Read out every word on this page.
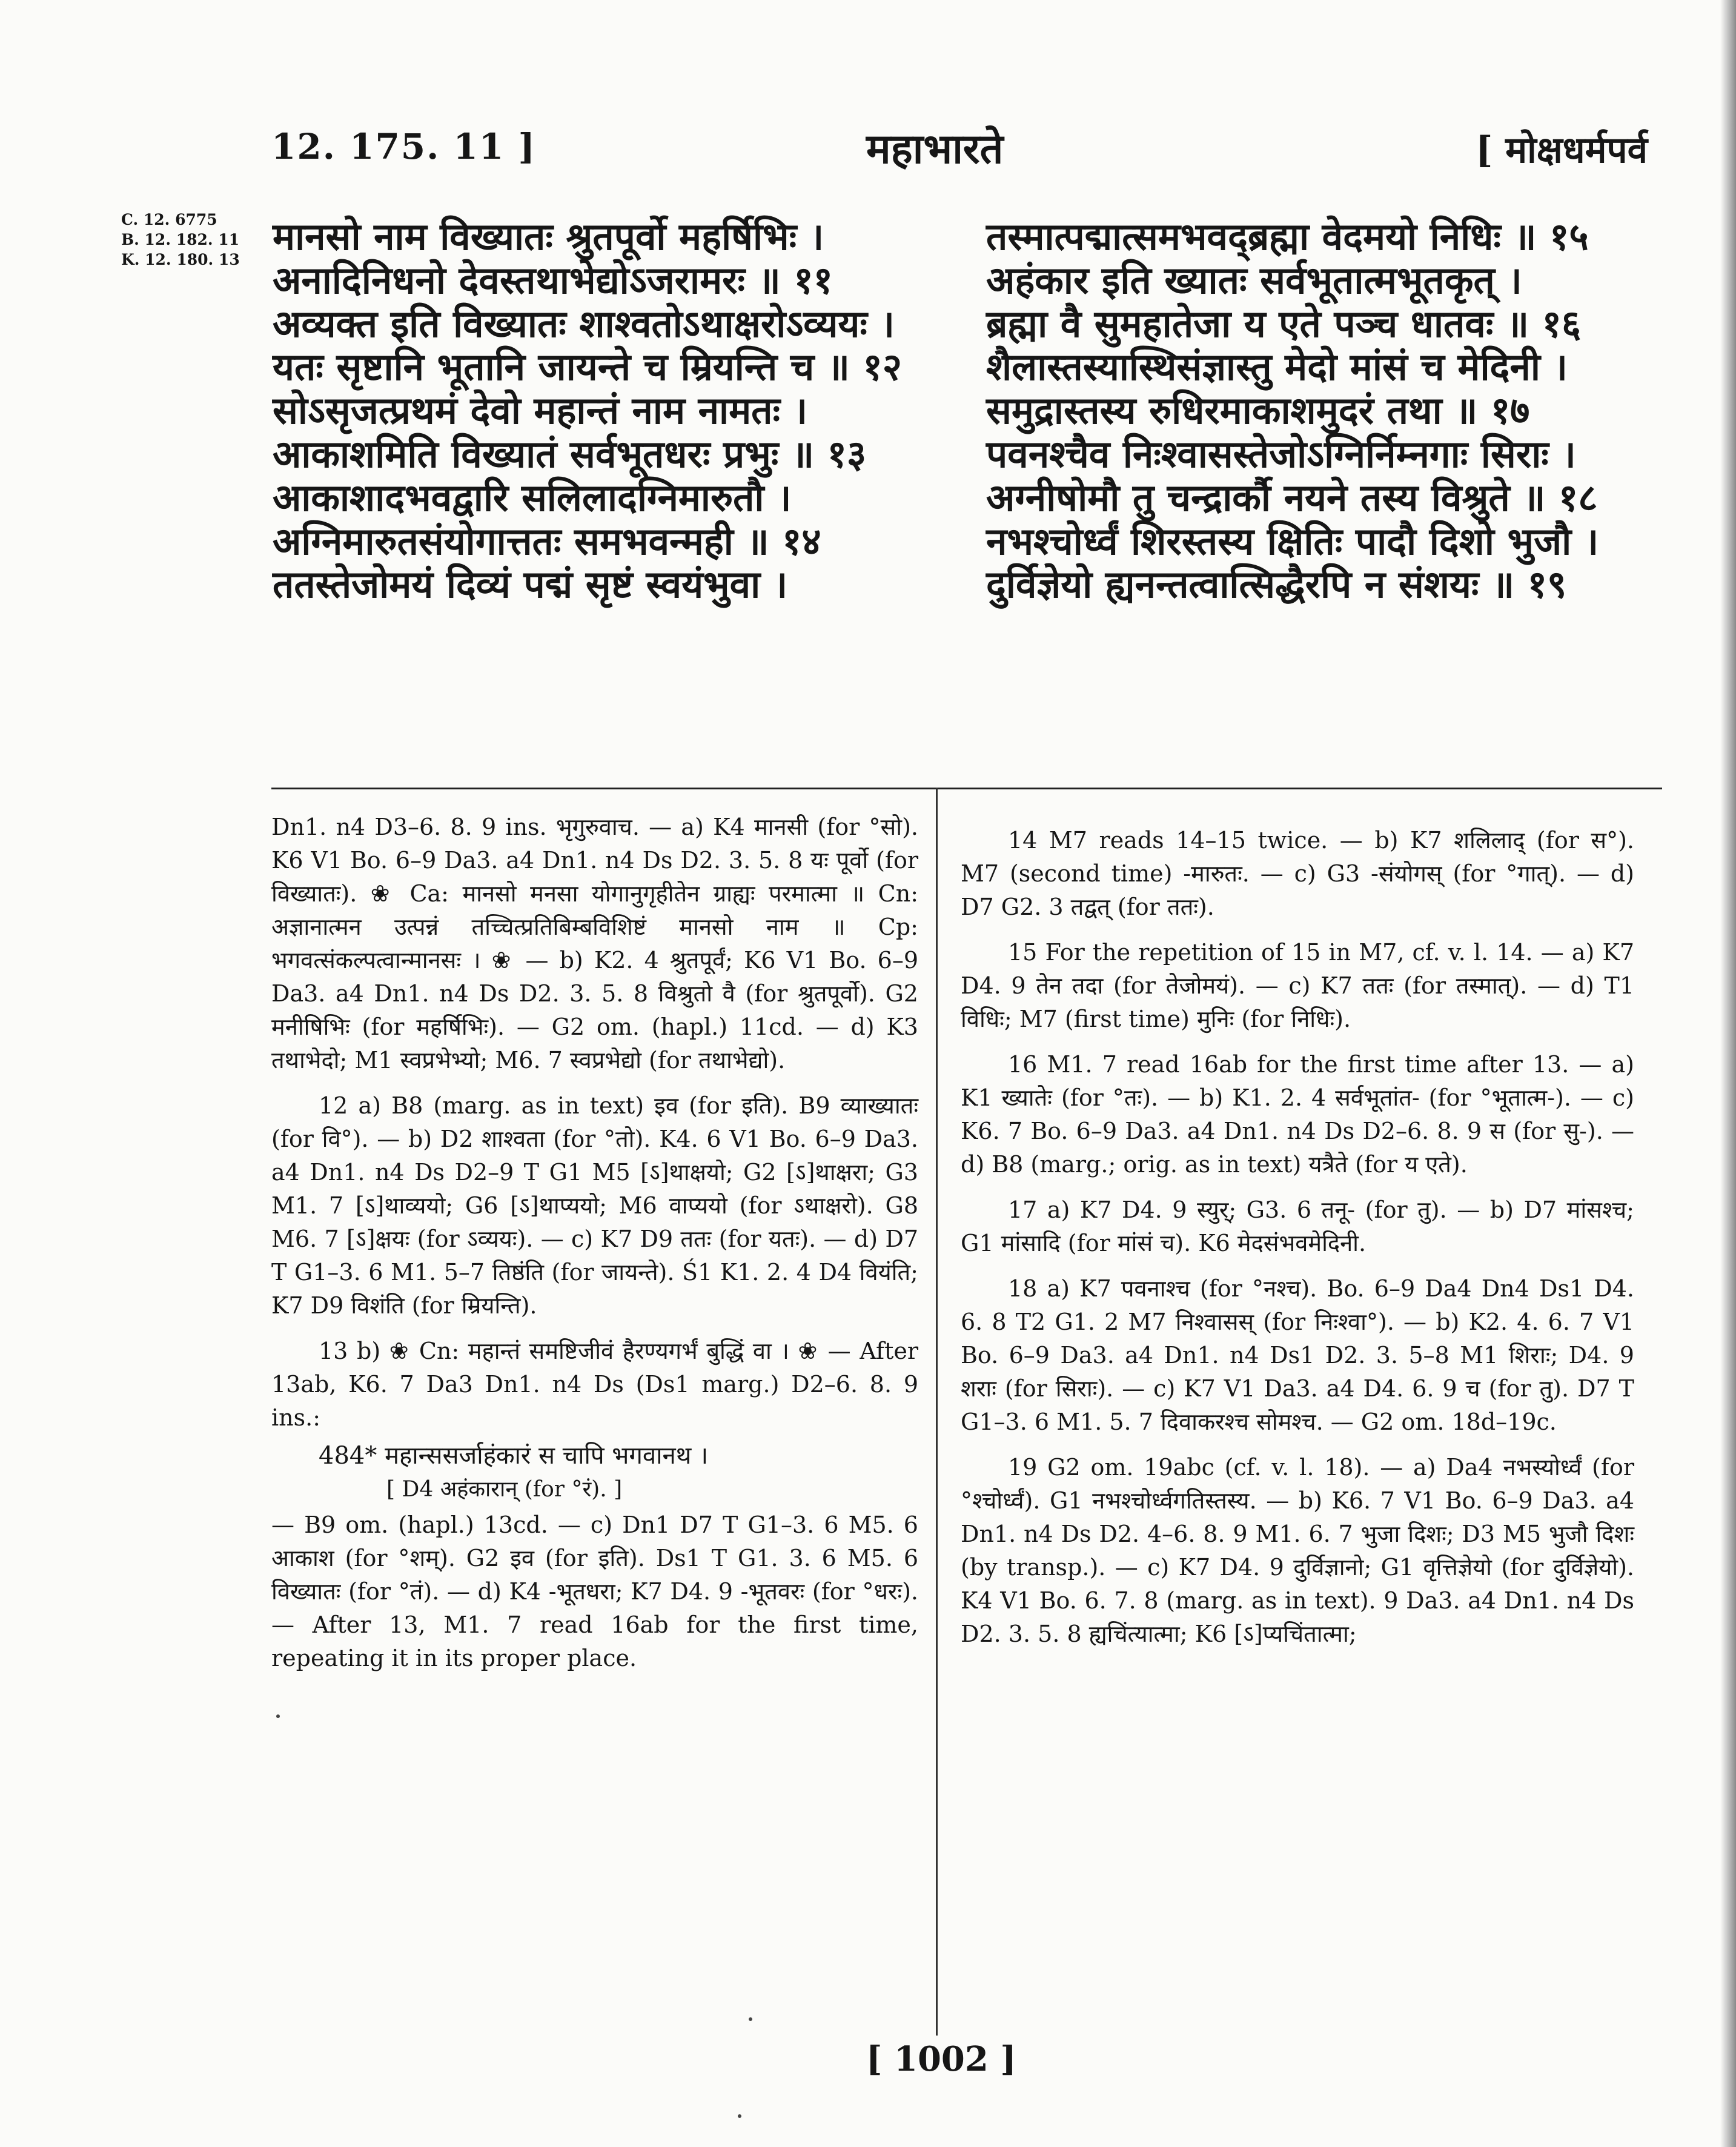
12. 175. 11 ]	महाभारते	[ मोक्षधर्मपर्व
C. 12. 6775
B. 12. 182. 11
K. 12. 180. 13
मानसो नाम विख्यातः श्रुतपूर्वो महर्षिभिः ।
अनादिनिधनो देवस्तथाभेद्योऽजरामरः ॥ ११
अव्यक्त इति विख्यातः शाश्वतोऽथाक्षरोऽव्ययः ।
यतः सृष्टानि भूतानि जायन्ते च म्रियन्ति च ॥ १२
सोऽसृजत्प्रथमं देवो महान्तं नाम नामतः ।
आकाशमिति विख्यातं सर्वभूतधरः प्रभुः ॥ १३
आकाशादभवद्वारि सलिलादग्निमारुतौ ।
अग्निमारुतसंयोगात्ततः समभवन्मही ॥ १४
ततस्तेजोमयं दिव्यं पद्मं सृष्टं स्वयंभुवा ।
तस्मात्पद्मात्समभवद्ब्रह्मा वेदमयो निधिः ॥ १५
अहंकार इति ख्यातः सर्वभूतात्मभूतकृत् ।
ब्रह्मा वै सुमहातेजा य एते पञ्च धातवः ॥ १६
शैलास्तस्यास्थिसंज्ञास्तु मेदो मांसं च मेदिनी ।
समुद्रास्तस्य रुधिरमाकाशमुदरं तथा ॥ १७
पवनश्चैव निःश्वासस्तेजोऽग्निर्निम्नगाः सिराः ।
अग्नीषोमौ तु चन्द्रार्कौ नयने तस्य विश्रुते ॥ १८
नभश्चोर्ध्वं शिरस्तस्य क्षितिः पादौ दिशो भुजौ ।
दुर्विज्ञेयो ह्यनन्तत्वात्सिद्धैरपि न संशयः ॥ १९
Dn1. n4 D3–6. 8. 9 ins. भृगुरुवाच. — a) K4 मानसी (for °सो). K6 V1 Bo. 6–9 Da3. a4 Dn1. n4 Ds D2. 3. 5. 8 यः पूर्वो (for विख्यातः). ❀ Ca: मानसो मनसा योगानुगृहीतेन ग्राह्यः परमात्मा ॥ Cn: अज्ञानात्मन उत्पन्नं तच्चित्प्रतिबिम्बविशिष्टं मानसो नाम ॥ Cp: भगवत्संकल्पत्वान्मानसः । ❀ — b) K2. 4 श्रुतपूर्वं; K6 V1 Bo. 6–9 Da3. a4 Dn1. n4 Ds D2. 3. 5. 8 विश्रुतो वै (for श्रुतपूर्वो). G2 मनीषिभिः (for महर्षिभिः). — G2 om. (hapl.) 11cd. — d) K3 तथाभेदो; M1 स्वप्रभेभ्यो; M6. 7 स्वप्रभेद्यो (for तथाभेद्यो).
12 a) B8 (marg. as in text) इव (for इति). B9 व्याख्यातः (for वि°). — b) D2 शाश्वता (for °तो). K4. 6 V1 Bo. 6–9 Da3. a4 Dn1. n4 Ds D2–9 T G1 M5 [ऽ]थाक्षयो; G2 [ऽ]थाक्षरा; G3 M1. 7 [ऽ]थाव्ययो; G6 [ऽ]थाप्ययो; M6 वाप्ययो (for ऽथाक्षरो). G8 M6. 7 [ऽ]क्षयः (for ऽव्ययः). — c) K7 D9 ततः (for यतः). — d) D7 T G1–3. 6 M1. 5–7 तिष्ठंति (for जायन्ते). Ś1 K1. 2. 4 D4 वियंति; K7 D9 विशंति (for म्रियन्ति).
13 b) ❀ Cn: महान्तं समष्टिजीवं हैरण्यगर्भं बुद्धिं वा । ❀ — After 13ab, K6. 7 Da3 Dn1. n4 Ds (Ds1 marg.) D2–6. 8. 9 ins.:
484* महान्ससर्जाहंकारं स चापि भगवानथ ।
[ D4 अहंकारान् (for °रं). ]
— B9 om. (hapl.) 13cd. — c) Dn1 D7 T G1–3. 6 M5. 6 आकाश (for °शम्). G2 इव (for इति). Ds1 T G1. 3. 6 M5. 6 विख्यातः (for °तं). — d) K4 -भूतधरा; K7 D4. 9 -भूतवरः (for °धरः). — After 13, M1. 7 read 16ab for the first time, repeating it in its proper place.
14 M7 reads 14–15 twice. — b) K7 शलिलाद् (for स°). M7 (second time) -मारुतः. — c) G3 -संयोगस् (for °गात्). — d) D7 G2. 3 तद्वत् (for ततः).
15 For the repetition of 15 in M7, cf. v. l. 14. — a) K7 D4. 9 तेन तदा (for तेजोमयं). — c) K7 ततः (for तस्मात्). — d) T1 विधिः; M7 (first time) मुनिः (for निधिः).
16 M1. 7 read 16ab for the first time after 13. — a) K1 ख्यातेः (for °तः). — b) K1. 2. 4 सर्वभूतांत- (for °भूतात्म-). — c) K6. 7 Bo. 6–9 Da3. a4 Dn1. n4 Ds D2–6. 8. 9 स (for सु-). — d) B8 (marg.; orig. as in text) यत्रैते (for य एते).
17 a) K7 D4. 9 स्युर्; G3. 6 तनू- (for तु). — b) D7 मांसश्च; G1 मांसादि (for मांसं च). K6 मेदसंभवमेदिनी.
18 a) K7 पवनाश्च (for °नश्च). Bo. 6–9 Da4 Dn4 Ds1 D4. 6. 8 T2 G1. 2 M7 निश्वासस् (for निःश्वा°). — b) K2. 4. 6. 7 V1 Bo. 6–9 Da3. a4 Dn1. n4 Ds1 D2. 3. 5–8 M1 शिराः; D4. 9 शराः (for सिराः). — c) K7 V1 Da3. a4 D4. 6. 9 च (for तु). D7 T G1–3. 6 M1. 5. 7 दिवाकरश्च सोमश्च. — G2 om. 18d–19c.
19 G2 om. 19abc (cf. v. l. 18). — a) Da4 नभस्योर्ध्वं (for °श्चोर्ध्वं). G1 नभश्चोर्ध्वगतिस्तस्य. — b) K6. 7 V1 Bo. 6–9 Da3. a4 Dn1. n4 Ds D2. 4–6. 8. 9 M1. 6. 7 भुजा दिशः; D3 M5 भुजौ दिशः (by transp.). — c) K7 D4. 9 दुर्विज्ञानो; G1 वृत्तिज्ञेयो (for दुर्विज्ञेयो). K4 V1 Bo. 6. 7. 8 (marg. as in text). 9 Da3. a4 Dn1. n4 Ds D2. 3. 5. 8 ह्यचिंत्यात्मा; K6 [ऽ]प्यचिंतात्मा;
[ 1002 ]
